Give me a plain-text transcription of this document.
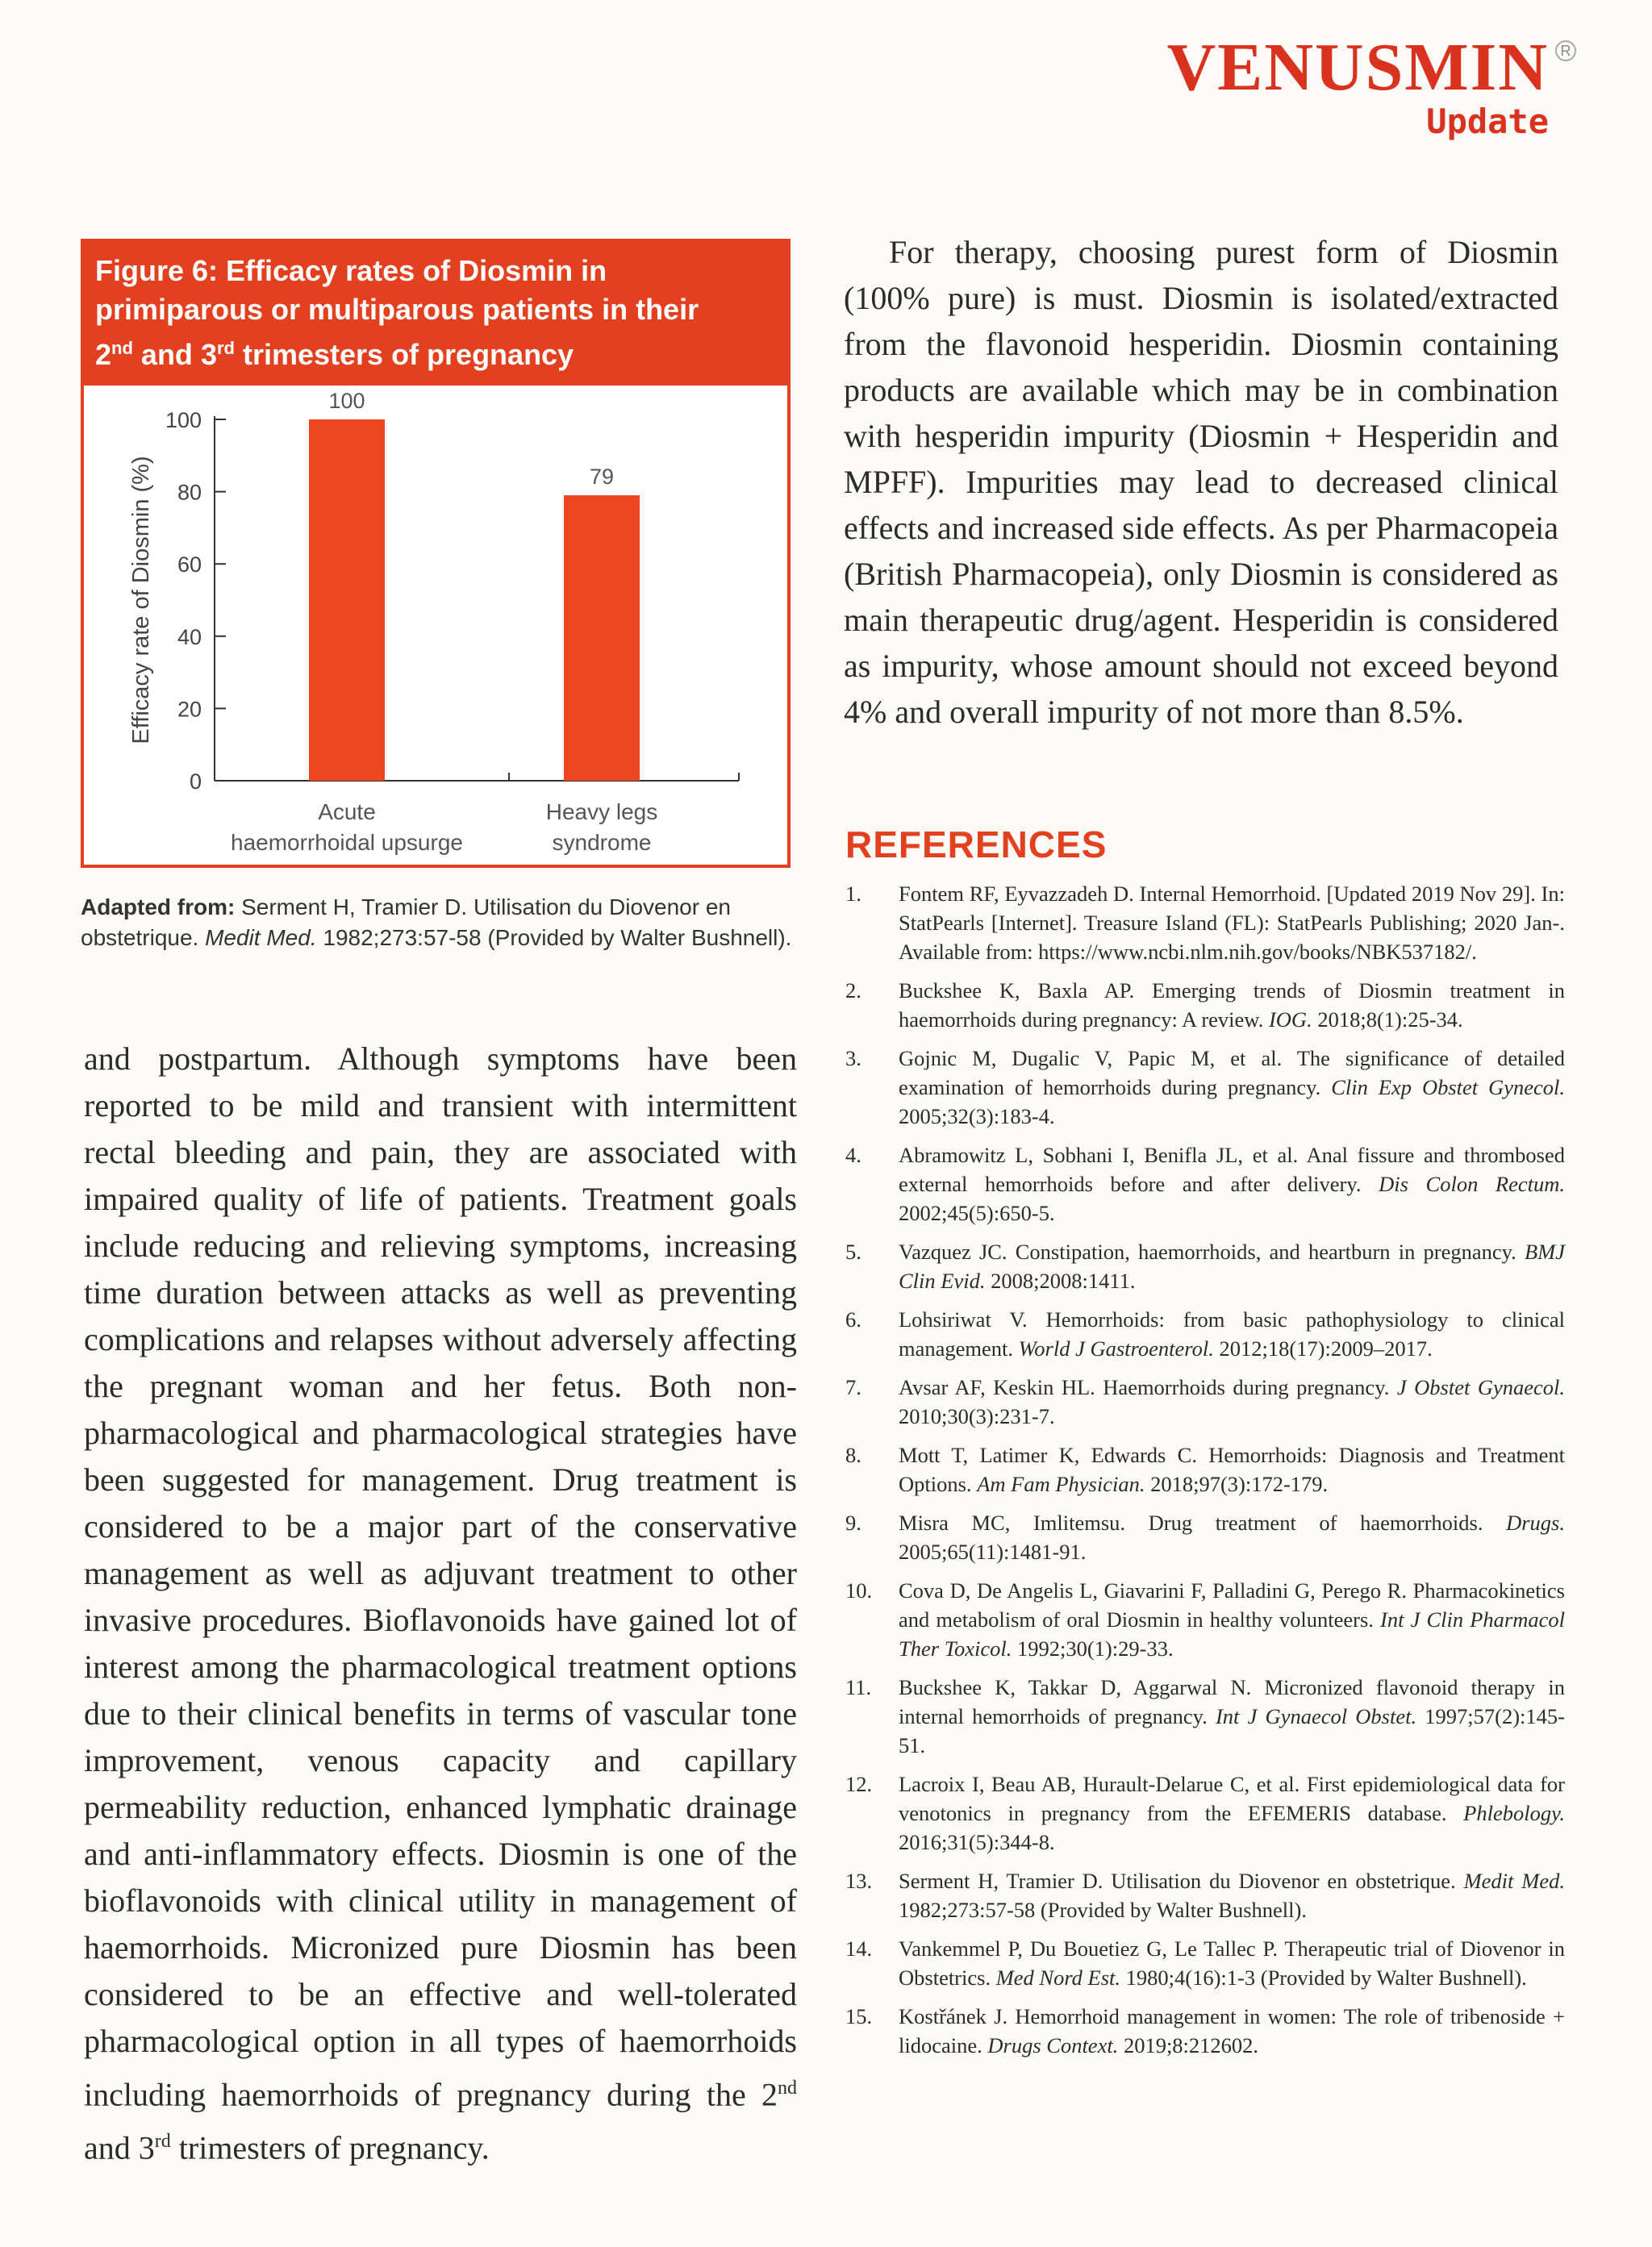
VENUSMIN R
Update
Figure 6: Efficacy rates of Diosmin in
primiparous or multiparous patients in their
2nd and 3rd trimesters of pregnancy
0
20
40
60
80
100
100
Acute
haemorrhoidal upsurge
79
Heavy legs
syndrome
Efficacy rate of Diosmin (%)
Adapted from: Serment H, Tramier D. Utilisation du Diovenor en obstetrique. Medit Med. 1982;273:57-58 (Provided by Walter Bushnell).

and postpartum. Although symptoms have been reported to be mild and transient with intermittent rectal bleeding and pain, they are associated with impaired quality of life of patients. Treatment goals include reducing and relieving symptoms, increasing time duration between attacks as well as preventing complications and relapses without adversely affecting the pregnant woman and her fetus. Both non-pharmacological and pharmacological strategies have been suggested for management. Drug treatment is considered to be a major part of the conservative management as well as adjuvant treatment to other invasive procedures. Bioflavonoids have gained lot of interest among the pharmacological treatment options due to their clinical benefits in terms of vascular tone improvement, venous capacity and capillary permeability reduction, enhanced lymphatic drainage and anti-inflammatory effects. Diosmin is one of the bioflavonoids with clinical utility in management of haemorrhoids. Micronized pure Diosmin has been considered to be an effective and well-tolerated pharmacological option in all types of haemorrhoids including haemorrhoids of pregnancy during the 2nd and 3rd trimesters of pregnancy.

For therapy, choosing purest form of Diosmin (100% pure) is must. Diosmin is isolated/extracted from the flavonoid hesperidin. Diosmin containing products are available which may be in combination with hesperidin impurity (Diosmin + Hesperidin and MPFF). Impurities may lead to decreased clinical effects and increased side effects. As per Pharmacopeia (British Pharmacopeia), only Diosmin is considered as main therapeutic drug/agent. Hesperidin is considered as impurity, whose amount should not exceed beyond 4% and overall impurity of not more than 8.5%.

REFERENCES
1.	Fontem RF, Eyvazzadeh D. Internal Hemorrhoid. [Updated 2019 Nov 29]. In: StatPearls [Internet]. Treasure Island (FL): StatPearls Publishing; 2020 Jan-. Available from: https://www.ncbi.nlm.nih.gov/books/NBK537182/.
2.	Buckshee K, Baxla AP. Emerging trends of Diosmin treatment in haemorrhoids during pregnancy: A review. IOG. 2018;8(1):25-34.
3.	Gojnic M, Dugalic V, Papic M, et al. The significance of detailed examination of hemorrhoids during pregnancy. Clin Exp Obstet Gynecol. 2005;32(3):183-4.
4.	Abramowitz L, Sobhani I, Benifla JL, et al. Anal fissure and thrombosed external hemorrhoids before and after delivery. Dis Colon Rectum. 2002;45(5):650-5.
5.	Vazquez JC. Constipation, haemorrhoids, and heartburn in pregnancy. BMJ Clin Evid. 2008;2008:1411.
6.	Lohsiriwat V. Hemorrhoids: from basic pathophysiology to clinical management. World J Gastroenterol. 2012;18(17):2009–2017.
7.	Avsar AF, Keskin HL. Haemorrhoids during pregnancy. J Obstet Gynaecol. 2010;30(3):231-7.
8.	Mott T, Latimer K, Edwards C. Hemorrhoids: Diagnosis and Treatment Options. Am Fam Physician. 2018;97(3):172-179.
9.	Misra MC, Imlitemsu. Drug treatment of haemorrhoids. Drugs. 2005;65(11):1481-91.
10.	Cova D, De Angelis L, Giavarini F, Palladini G, Perego R. Pharmacokinetics and metabolism of oral Diosmin in healthy volunteers. Int J Clin Pharmacol Ther Toxicol. 1992;30(1):29-33.
11.	Buckshee K, Takkar D, Aggarwal N. Micronized flavonoid therapy in internal hemorrhoids of pregnancy. Int J Gynaecol Obstet. 1997;57(2):145-51.
12.	Lacroix I, Beau AB, Hurault-Delarue C, et al. First epidemiological data for venotonics in pregnancy from the EFEMERIS database. Phlebology. 2016;31(5):344-8.
13.	Serment H, Tramier D. Utilisation du Diovenor en obstetrique. Medit Med. 1982;273:57-58 (Provided by Walter Bushnell).
14.	Vankemmel P, Du Bouetiez G, Le Tallec P. Therapeutic trial of Diovenor in Obstetrics. Med Nord Est. 1980;4(16):1-3 (Provided by Walter Bushnell).
15.	Kostřánek J. Hemorrhoid management in women: The role of tribenoside + lidocaine. Drugs Context. 2019;8:212602.
